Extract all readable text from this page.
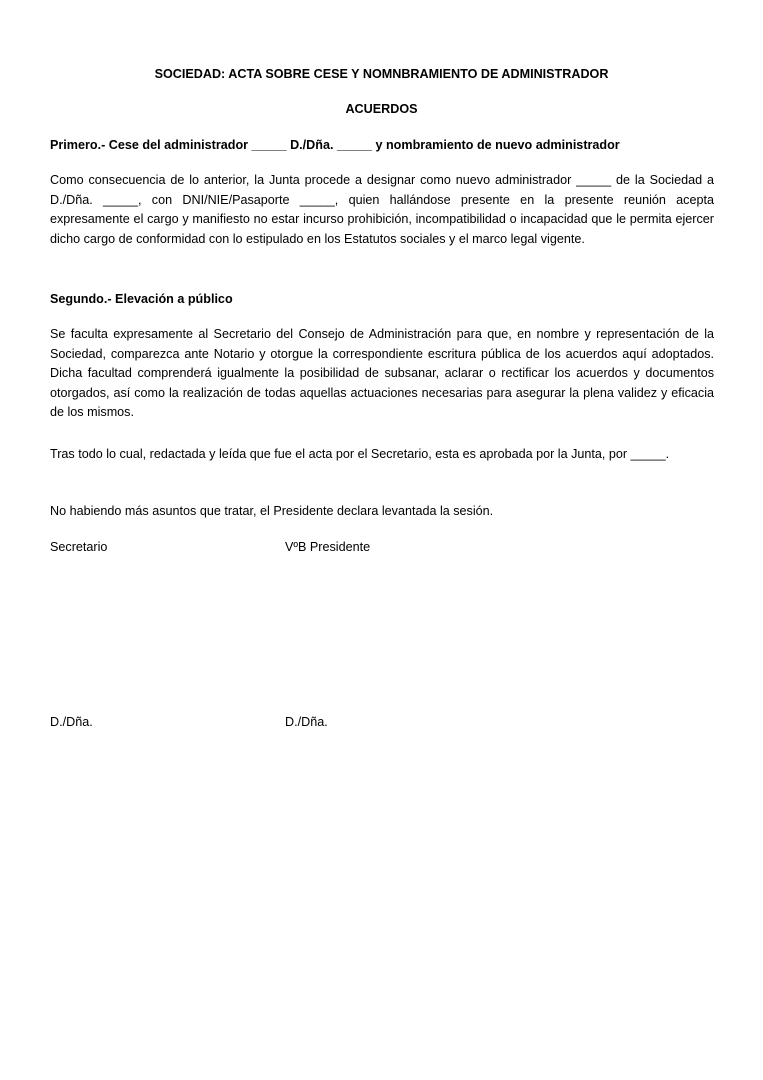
SOCIEDAD: ACTA SOBRE CESE Y NOMNBRAMIENTO DE ADMINISTRADOR

ACUERDOS

Primero.- Cese del administrador _____ D./Dña. _____ y nombramiento de nuevo administrador

Como consecuencia de lo anterior, la Junta procede a designar como nuevo administrador _____ de la Sociedad a D./Dña. _____, con DNI/NIE/Pasaporte _____, quien hallándose presente en la presente reunión acepta expresamente el cargo y manifiesto no estar incurso prohibición, incompatibilidad o incapacidad que le permita ejercer dicho cargo de conformidad con lo estipulado en los Estatutos sociales y el marco legal vigente.

Segundo.- Elevación a público

Se faculta expresamente al Secretario del Consejo de Administración para que, en nombre y representación de la Sociedad, comparezca ante Notario y otorgue la correspondiente escritura pública de los acuerdos aquí adoptados. Dicha facultad comprenderá igualmente la posibilidad de subsanar, aclarar o rectificar los acuerdos y documentos otorgados, así como la realización de todas aquellas actuaciones necesarias para asegurar la plena validez y eficacia de los mismos.

Tras todo lo cual, redactada y leída que fue el acta por el Secretario, esta es aprobada por la Junta, por _____.

No habiendo más asuntos que tratar, el Presidente declara levantada la sesión.

Secretario	VºB Presidente

D./Dña.	D./Dña.
